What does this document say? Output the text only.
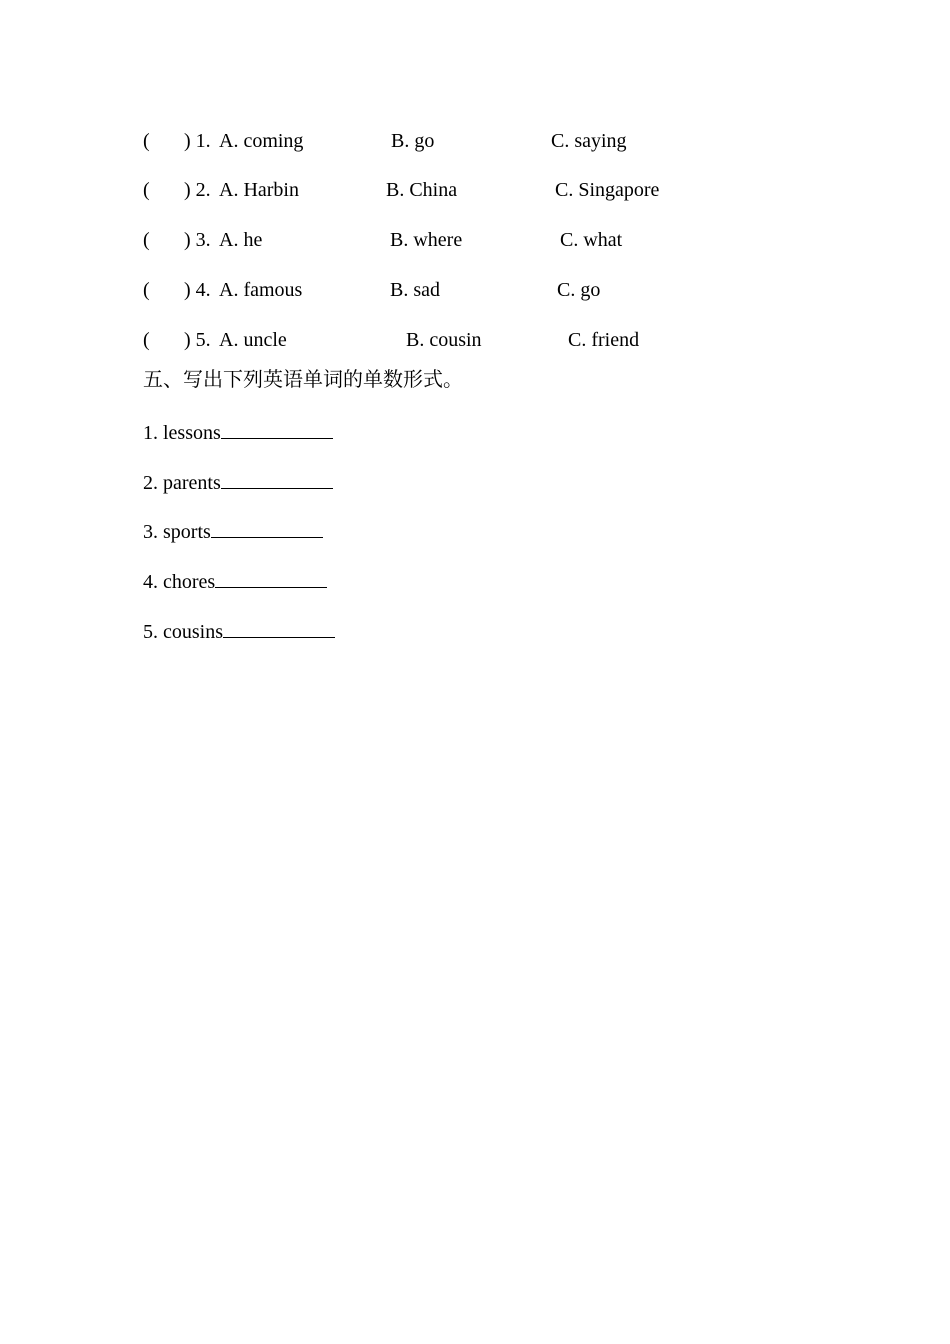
( ) 1. A. coming	B. go	C. saying
( ) 2. A. Harbin	B. China	C. Singapore
( ) 3. A. he	B. where	C. what
( ) 4. A. famous	B. sad	C. go
( ) 5. A. uncle	B. cousin	C. friend
五、写出下列英语单词的单数形式。
1. lessons
2. parents
3. sports
4. chores
5. cousins
